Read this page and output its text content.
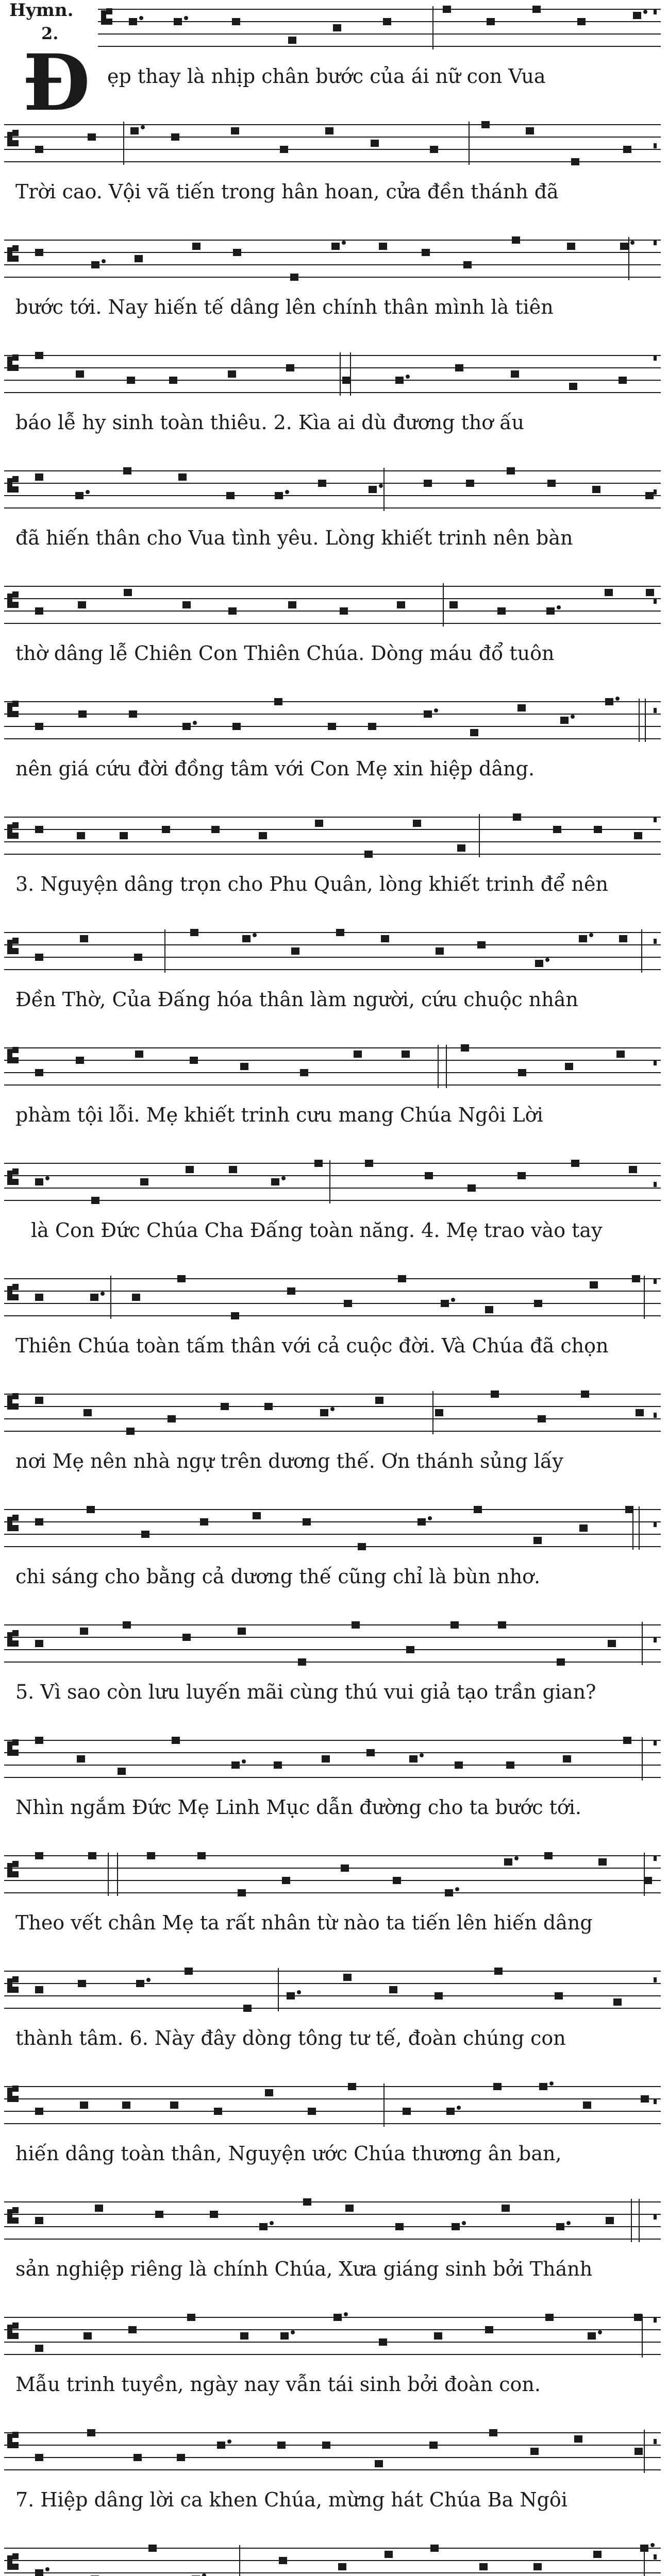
Hymn.
2.
Đ ẹp thay là nhịp chân bước của ái nữ con Vua
Trời cao. Vội vã tiến trong hân hoan, cửa đền thánh đã
bước tới. Nay hiến tế dâng lên chính thân mình là tiên
báo lễ hy sinh toàn thiêu. 2. Kìa ai dù đương thơ ấu
đã hiến thân cho Vua tình yêu. Lòng khiết trinh nên bàn
thờ dâng lễ Chiên Con Thiên Chúa. Dòng máu đổ tuôn
nên giá cứu đời đồng tâm với Con Mẹ xin hiệp dâng.
3. Nguyện dâng trọn cho Phu Quân, lòng khiết trinh để nên
Đền Thờ, Của Đấng hóa thân làm người, cứu chuộc nhân
phàm tội lỗi. Mẹ khiết trinh cưu mang Chúa Ngôi Lời
là Con Đức Chúa Cha Đấng toàn năng. 4. Mẹ trao vào tay
Thiên Chúa toàn tấm thân với cả cuộc đời. Và Chúa đã chọn
nơi Mẹ nên nhà ngự trên dương thế. Ơn thánh sủng lấy
chi sáng cho bằng cả dương thế cũng chỉ là bùn nhơ.
5. Vì sao còn lưu luyến mãi cùng thú vui giả tạo trần gian?
Nhìn ngắm Đức Mẹ Linh Mục dẫn đường cho ta bước tới.
Theo vết chân Mẹ ta rất nhân từ nào ta tiến lên hiến dâng
thành tâm. 6. Này đây dòng tông tư tế, đoàn chúng con
hiến dâng toàn thân, Nguyện ước Chúa thương ân ban,
sản nghiệp riêng là chính Chúa, Xưa giáng sinh bởi Thánh
Mẫu trinh tuyền, ngày nay vẫn tái sinh bởi đoàn con.
7. Hiệp dâng lời ca khen Chúa, mừng hát Chúa Ba Ngôi
